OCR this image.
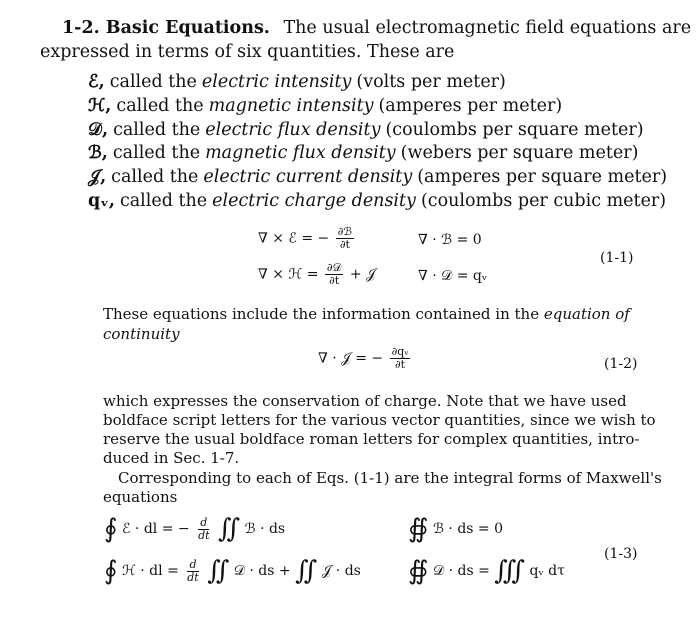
1-2. Basic Equations. The usual electromagnetic field equations are
expressed in terms of six quantities. These are
ℰ, called the electric intensity (volts per meter)
ℋ, called the magnetic intensity (amperes per meter)
𝒟, called the electric flux density (coulombs per square meter)
ℬ, called the magnetic flux density (webers per square meter)
𝒥, called the electric current density (amperes per square meter)
qᵥ, called the electric charge density (coulombs per cubic meter)
∇ × ℰ = − $\frac{\text{∂ℬ}}{\partial t}$	∇ · ℬ = 0
∇ × ℋ = $\frac{\text{∂𝒟}}{\partial t}$ + 𝒥	∇ · 𝒟 = qᵥ
(1-1)
These equations include the information contained in the equation of
continuity
∇ · 𝒥 = − $\frac{\text{∂qᵥ}}{\partial t}$	(1-2)
which expresses the conservation of charge. Note that we have used
boldface script letters for the various vector quantities, since we wish to
reserve the usual boldface roman letters for complex quantities, intro-
duced in Sec. 1-7.
Corresponding to each of Eqs. (1-1) are the integral forms of Maxwell's
equations
∮ ℰ · dl = − $\frac{d}{dt}$ ∬ ℬ · ds	∯ ℬ · ds = 0
∮ ℋ · dl = $\frac{d}{dt}$ ∬ 𝒟 · ds + ∬ 𝒥 · ds ∯ 𝒟 · ds = ∭ qᵥ dτ
(1-3)
